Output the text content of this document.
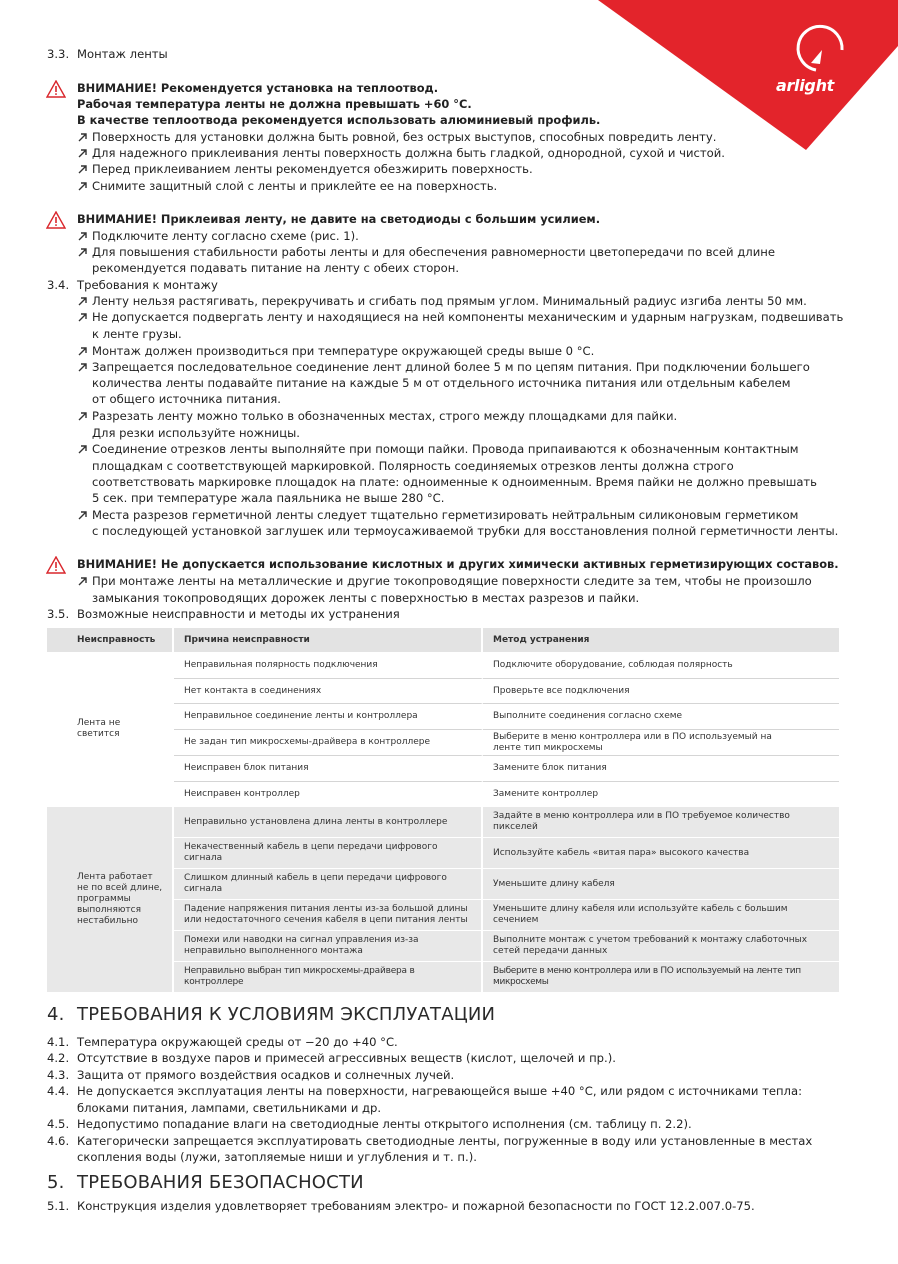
arlight
3.3. Монтаж ленты
ВНИМАНИЕ! Рекомендуется установка на теплоотвод.
Рабочая температура ленты не должна превышать +60 °C.
В качестве теплоотвода рекомендуется использовать алюминиевый профиль.
Поверхность для установки должна быть ровной, без острых выступов, способных повредить ленту.
Для надежного приклеивания ленты поверхность должна быть гладкой, однородной, сухой и чистой.
Перед приклеиванием ленты рекомендуется обезжирить поверхность.
Снимите защитный слой с ленты и приклейте ее на поверхность.
ВНИМАНИЕ! Приклеивая ленту, не давите на светодиоды с большим усилием.
Подключите ленту согласно схеме (рис. 1).
Для повышения стабильности работы ленты и для обеспечения равномерности цветопередачи по всей длине
рекомендуется подавать питание на ленту с обеих сторон.
3.4. Требования к монтажу
Ленту нельзя растягивать, перекручивать и сгибать под прямым углом. Минимальный радиус изгиба ленты 50 мм.
Не допускается подвергать ленту и находящиеся на ней компоненты механическим и ударным нагрузкам, подвешивать
к ленте грузы.
Монтаж должен производиться при температуре окружающей среды выше 0 °C.
Запрещается последовательное соединение лент длиной более 5 м по цепям питания. При подключении большего
количества ленты подавайте питание на каждые 5 м от отдельного источника питания или отдельным кабелем
от общего источника питания.
Разрезать ленту можно только в обозначенных местах, строго между площадками для пайки.
Для резки используйте ножницы.
Соединение отрезков ленты выполняйте при помощи пайки. Провода припаиваются к обозначенным контактным
площадкам с соответствующей маркировкой. Полярность соединяемых отрезков ленты должна строго
соответствовать маркировке площадок на плате: одноименные к одноименным. Время пайки не должно превышать
5 сек. при температуре жала паяльника не выше 280 °C.
Места разрезов герметичной ленты следует тщательно герметизировать нейтральным силиконовым герметиком
с последующей установкой заглушек или термоусаживаемой трубки для восстановления полной герметичности ленты.
ВНИМАНИЕ! Не допускается использование кислотных и других химически активных герметизирующих составов.
При монтаже ленты на металлические и другие токопроводящие поверхности следите за тем, чтобы не произошло
замыкания токопроводящих дорожек ленты с поверхностью в местах разрезов и пайки.
3.5. Возможные неисправности и методы их устранения
Неисправность	Причина неисправности	Метод устранения
Лента не светится	Неправильная полярность подключения	Подключите оборудование, соблюдая полярность
	Нет контакта в соединениях	Проверьте все подключения
	Неправильное соединение ленты и контроллера	Выполните соединения согласно схеме
	Не задан тип микросхемы-драйвера в контроллере	Выберите в меню контроллера или в ПО используемый на ленте тип микросхемы
	Неисправен блок питания	Замените блок питания
	Неисправен контроллер	Замените контроллер
Лента работает не по всей длине, программы выполняются нестабильно	Неправильно установлена длина ленты в контроллере	Задайте в меню контроллера или в ПО требуемое количество пикселей
	Некачественный кабель в цепи передачи цифрового сигнала	Используйте кабель «витая пара» высокого качества
	Слишком длинный кабель в цепи передачи цифрового сигнала	Уменьшите длину кабеля
	Падение напряжения питания ленты из-за большой длины или недостаточного сечения кабеля в цепи питания ленты	Уменьшите длину кабеля или используйте кабель с большим сечением
	Помехи или наводки на сигнал управления из-за неправильно выполненного монтажа	Выполните монтаж с учетом требований к монтажу слаботочных сетей передачи данных
	Неправильно выбран тип микросхемы-драйвера в контроллере	Выберите в меню контроллера или в ПО используемый на ленте тип микросхемы
4. ТРЕБОВАНИЯ К УСЛОВИЯМ ЭКСПЛУАТАЦИИ
4.1. Температура окружающей среды от −20 до +40 °C.
4.2. Отсутствие в воздухе паров и примесей агрессивных веществ (кислот, щелочей и пр.).
4.3. Защита от прямого воздействия осадков и солнечных лучей.
4.4. Не допускается эксплуатация ленты на поверхности, нагревающейся выше +40 °C, или рядом с источниками тепла:
блоками питания, лампами, светильниками и др.
4.5. Недопустимо попадание влаги на светодиодные ленты открытого исполнения (см. таблицу п. 2.2).
4.6. Категорически запрещается эксплуатировать светодиодные ленты, погруженные в воду или установленные в местах
скопления воды (лужи, затопляемые ниши и углубления и т. п.).
5. ТРЕБОВАНИЯ БЕЗОПАСНОСТИ
5.1. Конструкция изделия удовлетворяет требованиям электро- и пожарной безопасности по ГОСТ 12.2.007.0-75.
